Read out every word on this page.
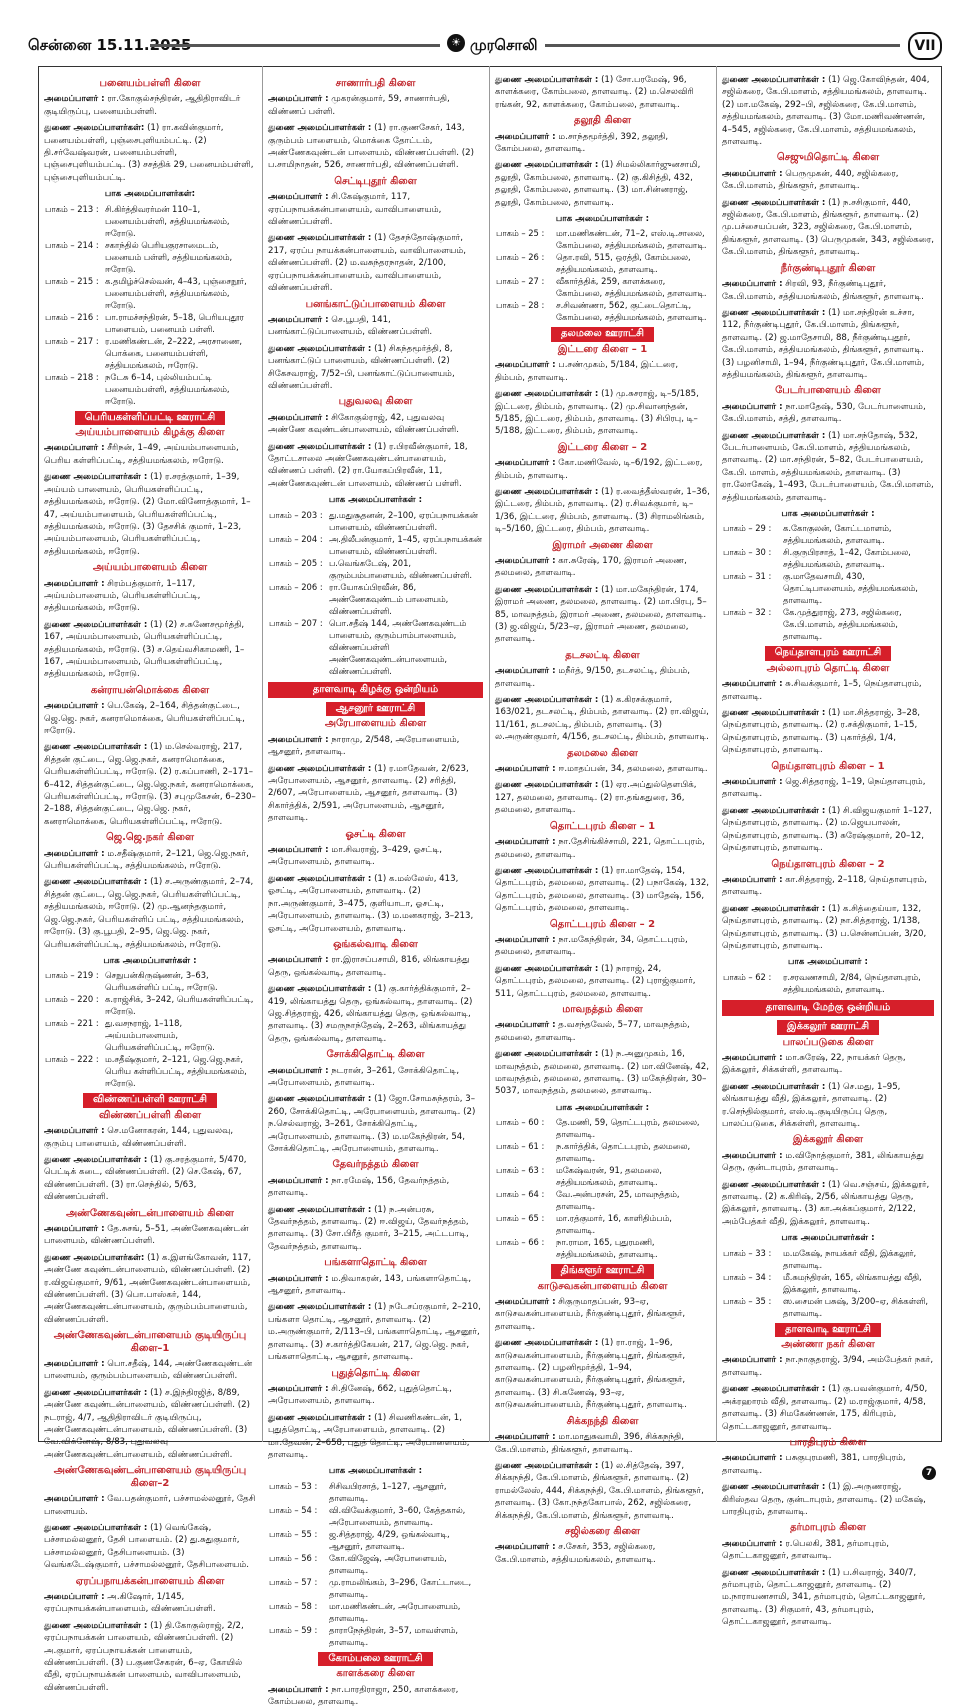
சென்னை 15.11.2025	☀ முரசொலி	VII
பனையம்பள்ளி கிளை

அமைப்பாளர் : ரா.கோகுல்சந்திரன், ஆதிதிராவிடர் குடியிருப்பு, பனையம்பள்ளி.

துணை அமைப்பாளர்கள்: (1) ரா.கவின்குமார், பனையம்பள்ளி, புஞ்சைபுளியம்பட்டி. (2) தி.சர்வேஷ்வரன், பனையம்பள்ளி, புஞ்சைபுளியம்பட்டி. (3) சசத்திக் 29, பனையம்பள்ளி, புஞ்சைபுளியம்பட்டி.

பாக அமைப்பாளர்கள்:
பாகம் – 213 :	சி.கிர்த்திவரர்மன் 110–1, பனையம்பள்ளி, சத்தியமங்கலம், ஈரோடு.
பாகம் – 214 :	சகாந்தில் பெரியகுரசாமைடம், பனையம் பள்ளி, சத்தியமங்கலம், ஈரோடு.
பாகம் – 215 :	க.தமிழ்ச்செல்வன், 4–43, புஞ்சைநூர், பனையம்பள்ளி, சத்தியமங்கலம், ஈரோடு.
பாகம் – 216 :	பா.ராமச்சந்திரன், 5–18, பெரியபுதூர பாளையம், பனையம் பள்ளி.
பாகம் – 217 :	ர.மணிகண்டன், 2–222, அரசாணை, பொக்கை, பனையம்பள்ளி, சத்தியமங்கலம், ஈரோடு.
பாகம் – 218 :	நடேசு 6–14, புல்லியம்பட்டி பனையம்பள்ளி, சத்தியமங்கலம், ஈரோடு.
பெரியகள்ளிப்பட்டி ஊராட்சி
அய்யம்பாளையம் கிழக்கு கிளை

அமைப்பாளர் : சீரிநன், 1–49, அய்யம்பாளையம், பெரிய கள்ளிப்பட்டி, சத்தியமங்கலம், ஈரோடு.

துணை அமைப்பாளர்கள் : (1) ர.சரத்குமார், 1–39, அய்யம் பாளையம், பெரியகள்ளிப்பட்டி, சத்தியமங்கலம், ஈரோடு. (2) மோ.வினோத்குமார், 1–47, அய்யம்பாளையம், பெரியகள்ளிப்பட்டி, சத்தியமங்கலம், ஈரோடு. (3) தேசசிக் குமார், 1–23, அய்யம்பாளையம், பெரியகள்ளிப்பட்டி, சத்தியமங்கலம், ஈரோடு.

அய்யம்பாளையம் கிளை

அமைப்பாளர் : சிரம்பத்குமார், 1–117, அய்யம்பாளையம், பெரியகள்ளிப்பட்டி, சத்தியமங்கலம், ஈரோடு.

துணை அமைப்பாளர்கள் : (1) (2) ச.சுணேசமூர்த்தி, 167, அய்யம்பாளையம், பெரியகள்ளிப்பட்டி, சத்தியமங்கலம், ஈரோடு. (3) ச.தெய்வசிகாமணி, 1–167, அய்யம்பாளையம், பெரியகள்ளிப்பட்டி, சத்தியமங்கலம், ஈரோடு.

கன்ராயன்மொக்கை கிளை

அமைப்பாளர் : பெ.கேஷ், 2–164, சித்தன்குட்டை, ஜெ.ஜெ. நகர், கனராமொக்கை, பெரியகள்ளிப்பட்டி, ஈரோடு.

துணை அமைப்பாளர்கள் : (1) ம.செல்வராஜ், 217, சித்தன் குட்டை, ஜெ.ஜெ.நகர், கனராமொக்கை, பெரியகள்ளிப்பட்டி, ஈரோடு. (2) ர.கப்பாணி, 2–171–6–412, சித்தன்குட்டை, ஜெ.ஜெ.நகர், கனராமொக்கை, பெரியகள்ளிப்பட்டி, ஈரோடு. (3) சபுமுகேசன், 6–230–2–188, சித்தன்குட்டை, ஜெ.ஜெ. நகர், கனராமொக்கை, பெரியகள்ளிப்பட்டி, ஈரோடு.

ஜெ.ஜெ.நகர் கிளை

அமைப்பாளர் : ம.சதீஷ்குமார், 2–121, ஜெ.ஜெ.நகர், பெரியகள்ளிப்பட்டி, சத்தியமங்கலம், ஈரோடு.

துணை அமைப்பாளர்கள் : (1) ச.அருண்குமார், 2–74, சித்தன் குட்டை, ஜெ.ஜெ.நகர், பெரியகள்ளிப்பட்டி, சத்தியமங்கலம், ஈரோடு. (2) மு.ஆனந்தகுமார், ஜெ.ஜெ.நகர், பெரியகள்ளிப் பட்டி, சத்தியமங்கலம், ஈரோடு. (3) கு.பூபதி, 2–95, ஜெ.ஜெ. நகர், பெரியகள்ளிப்பட்டி, சத்தியமங்கலம், ஈரோடு.

பாக அமைப்பாளர்கள் :
பாகம் – 219 :	செநுபன்கிருஷ்ணன், 3–63, பெரியகள்ளிப் பட்டி, ஈரோடு.
பாகம் – 220 :	க.ராஜ்சிக், 3–242, பெரியகள்ளிப்பட்டி, ஈரோடு.
பாகம் – 221 :	து.வசநராஜ், 1–118, அய்யம்பாளையம், பெரியகள்ளிப்பட்டி, ஈரோடு.
பாகம் – 222 :	ம.சதீஷ்குமார், 2–121, ஜெ.ஜெ.நகர், பெரிய கள்ளிப்பட்டி, சத்தியமங்கலம், ஈரோடு.
விண்ணப்பள்ளி ஊராட்சி
விண்ணப்பள்ளி கிளை

அமைப்பாளர் : செ.மனோகரன், 144, புதுவலவு, குரும்பு பாளையம், விண்ணப்பள்ளி.

துணை அமைப்பாளர்கள் : (1) கு.சரத்குமார், 5/470, பெட்டிக் கடை, விண்ணப்பள்ளி. (2) செ.கேஷ், 67, விண்ணப்பள்ளி. (3) ரா.செந்தில், 5/63, விண்ணப்பள்ளி.

அண்ணேகவுண்டன்பாளையம் கிளை

அமைப்பாளர் : தே.சுசங், 5–51, அண்ணேகவுண்டன் பாளையம், விண்ணப்பள்ளி.

துணை அமைப்பாளர்கள்: (1) க.இளங்கோவன், 117, அண்ணே கவுண்டன்பாளையம், விண்ணப்பள்ளி. (2) ர.விஜய்குமார், 9/61, அண்ணேகவுண்டன்பாளையம், விண்ணப்பள்ளி. (3) பொ.பாஸ்கர், 144, அண்ணேகவுண்டன்பாளையம், குரும்பம்பாளையம், விண்ணப்பள்ளி.

அண்ணேகவுண்டன்பாளையம் குடியிருப்பு கிளை–1

அமைப்பாளர் : பொ.சதீஷ், 144, அண்ணேகவுண்டன் பாளையம், குரும்பம்பாளையம், விண்ணப்பள்ளி.

துணை அமைப்பாளர்கள் : (1) ச.இந்திரஜித், 8/89, அண்ணே கவுண்டன்பாளையம், விண்ணப்பள்ளி. (2) நடராஜ், 4/7, ஆதிதிராவிடர் குடியிருப்பு, அண்ணேகவுண்டன்பாளையம், விண்ணப்பள்ளி. (3) வே.விக்னேஷ், 8/83, புதுவலவு அண்ணேகவுண்டன்பாளையம், விண்ணப்பள்ளி.

அண்ணேகவுண்டன்பாளையம் குடியிருப்பு கிளை–2

அமைப்பாளர் : வே.பதன்குமார், பச்சாமல்லனூர், தேசி பாளையம்.

துணை அமைப்பாளர்கள் : (1) வெங்கேஷ், பச்சாமல்லனூர், தேசி பாளையம். (2) து.சுதுகுமார், பச்சாமல்லனூர், தேசிபாளையம். (3) வெங்கடேஷ்குமார், பச்சாமல்லனூர், தேசிபாளையம்.

ஏரப்பநாயக்கன்பாளையம் கிளை

அமைப்பாளர் : அ.கிஷோர், 1/145, ஏரப்பநாயக்கன்பாளையம், விண்ணப்பள்ளி.

துணை அமைப்பாளர்கள் : (1) தி.கோகுல்ராஜ், 2/2, ஏரப்பநாயக்கன் பாளையம், விண்ணப்பள்ளி. (2) அ.குமார், ஏரப்பநாயக்கன் பாளையம், விண்ணப்பள்ளி. (3) ப.குணசேகரன், 6–ஏ, கோயில் வீதி, ஏரப்பநாயக்கன் பாளையம், வாவிபாளையம், விண்ணப்பள்ளி.

சாணார்பதி கிளை

அமைப்பாளர் : முகரன்குமார், 59, சாணார்பதி, விண்ணப் பள்ளி.

துணை அமைப்பாளர்கள் : (1) ரா.குணசேகர், 143, குரும்பம் பாளையம், மொக்கை தோட்டம், அண்ணேகவுண்டன் பாளையம், விண்ணப்பள்ளி. (2) ப.சாமிநாதன், 526, சாணார்பதி, விண்ணப்பள்ளி.

செட்டிபுதூர் கிளை

அமைப்பாளர் : சி.கேஷ்குமார், 117, ஏரப்பநாயக்கன்பாளையம், வாவிபாளையம், விண்ணப்பள்ளி.

துணை அமைப்பாளர்கள் : (1) தேசந்தோஷ்குமார், 217, ஏரப்ப நாயக்கன்பாளையம், வாவிபாளையம், விண்ணப்பள்ளி. (2) ம.வசுந்தரநாதன், 2/100, ஏரப்பநாயக்கன்பாளையம், வாவிபாளையம், விண்ணப்பள்ளி.

பனங்காட்டுப்பாளையம் கிளை

அமைப்பாளர் : செ.பூபதி, 141, பனங்காட்டுப்பாளையம், விண்ணப்பள்ளி.

துணை அமைப்பாளர்கள் : (1) சிகந்தமூர்த்தி, 8, பனங்காட்டுப் பாளையம், விண்ணப்பள்ளி. (2) சிகேசவராஜ், 7/52–பி, பனங்காட்டுப்பாளையம், விண்ணப்பள்ளி.

புதுவலவு கிளை

அமைப்பாளர் : சிகோகுல்ராஜ், 42, புதுவலவு அண்ணே கவுண்டன்பாளையம், விண்ணப்பள்ளி.

துணை அமைப்பாளர்கள் : (1) ர.பிரவீன்குமார், 18, தோட்டசாலை அண்ணேகவுண்டன்பாளையம், விண்ணப் பள்ளி. (2) ரா.யோகப்பிரவீன், 11, அண்ணேகவுண்டன் பாளையம், விண்ணப் பள்ளி.

பாக அமைப்பாளர்கள் :
பாகம் – 203 :	து.மதுசூதனன், 2–100, ஏரப்பநாயக்கன் பாளையம், விண்ணப்பள்ளி.
பாகம் – 204 :	அ.திலீபன்குமார், 1–45, ஏரப்பநாயக்கன் பாளையம், விண்ணப்பள்ளி.
பாகம் – 205 :	ப.வெங்கடேஷ், 201, குரும்பம்பாளையம், விண்ணப்பள்ளி.
பாகம் – 206 :	ரா.யோகப்பிரவீன், 86, அண்ணேகவுண்டம் பாளையம், விண்ணப்பள்ளி.
பாகம் – 207 :	பொ.சதீஷ் 144, அண்ணேகவுண்டம் பாளையம், குரும்பாம்பாளையம், விண்ணப்பள்ளி அண்ணேகவுண்டன்பாளையம், விண்ணப்பள்ளி.
தாளவாடி கிழக்கு ஒன்றியம்
ஆசனூர் ஊராட்சி
அரேபாளையம் கிளை

அமைப்பாளர் : நாராமு, 2/548, அரேபாளையம், ஆசனூர், தாளவாடி.

துணை அமைப்பாளர்கள் : (1) ர.மாதேவன், 2/623, அரேபாளையம், ஆசனூர், தாளவாடி. (2) சரித்தி, 2/607, அரேபாளையம், ஆசனூர், தாளவாடி. (3) சிகார்த்திக், 2/591, அரேபாளையம், ஆசனூர், தாளவாடி.

ஓசட்டி கிளை

அமைப்பாளர் : மா.சிவராஜ், 3–429, ஓசட்டி, அரேபாளையம், தாளவாடி.

துணை அமைப்பாளர்கள் : (1) க.மல்லேஸ், 413, ஓசட்டி, அரேபாளையம், தாளவாடி. (2) நா.அருண்குமார், 3–475, குளியாடா, ஓசட்டி, அரேபாளையம், தாளவாடி. (3) ம.மனகராஜ், 3–213, ஓசட்டி, அரேபாளையம், தாளவாடி.

ஒங்கல்வாடி கிளை

அமைப்பாளர் : ரா.இராசப்பசாமி, 816, லிங்காயத்து தெரு, ஒங்கல்வாடி, தாளவாடி.

துணை அமைப்பாளர்கள் : (1) கு.கார்த்திக்குமார், 2–419, லிங்காயத்து தெரு, ஒங்கல்வாடி, தாளவாடி. (2) ஜெ.சித்தராஜ், 426, லிங்காயத்து தெரு, ஒங்கல்வாடி, தாளவாடி. (3) சமருநாந்தேஷ், 2–263, லிங்காயத்து தெரு, ஒங்கல்வாடி, தாளவாடி.

சோக்கிதொட்டி கிளை

அமைப்பாளர் : நடரான், 3–261, சோக்கிதொட்டி, அரேபாளையம், தாளவாடி.

துணை அமைப்பாளர்கள் : (1) ஜோ.சோமசுந்தரம், 3–260, சோக்கிதொட்டி, அரேபாளையம், தாளவாடி. (2) ந.செல்வராஜ், 3–261, சோக்கிதொட்டி, அரேபாளையம், தாளவாடி. (3) ம.மகேந்திரன், 54, சோக்கிதொட்டி, அரேபாளையம், தாளவாடி.

தேவர்நத்தம் கிளை

அமைப்பாளர் : நா.ரமேஷ், 156, தேவர்நத்தம், தாளவாடி.

துணை அமைப்பாளர்கள் : (1) ந.அன்பரசு, தேவர்நத்தம், தாளவாடி. (2) ஈ.விஜய், தேவர்நத்தம், தாளவாடி. (3) சோ.பிரீத் குமார், 3–215, அட்டபாடி, தேவர்நத்தம், தாளவாடி.

பங்களாதொட்டி கிளை

அமைப்பாளர் : ம.திவாகரன், 143, பங்களாதொட்டி, ஆசனூர், தாளவாடி.

துணை அமைப்பாளர்கள் : (1) நடேசப்ரகுமார், 2–210, பங்களா தொட்டி, ஆசனூர், தாளவாடி. (2) ம.அருண்குமார், 2/113–பி, பங்களாதொட்டி, ஆசனூர், தாளவாடி. (3) ச.கார்த்திகேயன், 217, ஜெ.ஜெ. நகர், பங்களாதொட்டி, ஆசனூர், தாளவாடி.

புதுத்தொட்டி கிளை

அமைப்பாளர் : சி.தினேஷ், 662, புதுத்தொட்டி, அரேபாளையம், தாளவாடி.

துணை அமைப்பாளர்கள் : (1) சிவணிகண்டன், 1, புதுத்தொட்டி, அரேபாளையம், தாளவாடி. (2) மா.தேவன், 2–658, புதுத் தொட்டி, அரேபாளையம், தாளவாடி.

பாக அமைப்பாளர்கள் :
பாகம் – 53 :	சிசிவபிரசாத், 1–127, ஆசனூர், தாளவாடி.
பாகம் – 54 :	வி.விவேக்குமார், 3–60, கேத்தகால், அரேபாளையம், தாளவாடி.
பாகம் – 55 :	ஜ.சித்தராஜ், 4/29, ஒங்கல்வாடி, ஆசனூர், தாளவாடி.
பாகம் – 56 :	கோ.விஜேஷ், அரேபாளையம், தாளவாடி.
பாகம் – 57 :	மு.ராமலிங்கம், 3–296, கோட்டாடை, தாளவாடி.
பாகம் – 58 :	மா.மணிகண்டன், அரேபாளையம், தாளவாடி.
பாகம் – 59 :	தாராநேந்திரன், 3–57, மாவள்ளம், தாளவாடி.
கோம்பலை ஊராட்சி
காளக்கரை கிளை

அமைப்பாளர் : நா.பாரதிராஜா, 250, காளக்கரை, கோம்பலை, தாளவாடி.

துணை அமைப்பாளர்கள் : (1) சோ.பரமேஷ், 96, காளக்கரை, கோம்பலை, தாளவாடி. (2) ம.செலவிரி ரங்கன், 92, காளக்கரை, கோம்பலை, தாளவாடி.

தலூதி கிளை

அமைப்பாளர் : ம.சாந்தமூர்த்தி, 392, தலூதி, கோம்பலை, தாளவாடி.

துணை அமைப்பாளர்கள் : (1) சிமல்லிகார்ஜுனசாமி, தலூதி, கோம்பலை, தாளவாடி. (2) கு.கிசித்தி, 432, தலூதி, கோம்பலை, தாளவாடி. (3) மா.சின்னராஜ், தலூதி, கோம்பலை, தாளவாடி.

பாக அமைப்பாளர்கள் :
பாகம் – 25 :	மா.மணிகண்டன், 71–2, எஸ்.டி.சாலை, கோம்பலை, சத்தியமங்கலம், தாளவாடி.
பாகம் – 26 :	தொ.ரவி, 515, ஒரத்தி, கோம்பலை, சத்தியமங்கலம், தாளவாடி.
பாகம் – 27 :	வீகார்த்திக், 259, காளக்கரை, கோம்பலை, சத்தியமங்கலம், தாளவாடி.
பாகம் – 28 :	ச.சிவண்ணா, 562, குட்டைதொட்டி, கோம்பலை, சத்தியமங்கலம், தாளவாடி.
தலமலை ஊராட்சி
இட்டரை கிளை – 1

அமைப்பாளர் : ப.சண்முகம், 5/184, இட்டரை, திம்பம், தாளவாடி.

துணை அமைப்பாளர்கள் : (1) மு.சுசராஜ், டி–5/185, இட்டரை, திம்பம், தாளவாடி. (2) மு.சிவானந்தன், 5/185, இட்டரை, திம்பம், தாளவாடி. (3) சிபிரபு, டி–5/188, இட்டரை, திம்பம், தாளவாடி.

இட்டரை கிளை – 2

அமைப்பாளர் : கோ.மணிவேல், டி–6/192, இட்டரை, திம்பம், தாளவாடி.

துணை அமைப்பாளர்கள் : (1) ர.வைத்தீஸ்வரன், 1–36, இட்டரை, திம்பம், தாளவாடி. (2) ர.சிவக்குமார், டி–1/36, இட்டரை, திம்பம், தாளவாடி. (3) சிராமலிங்கம், டி–5/160, இட்டரை, திம்பம், தாளவாடி.

இராமர் அணை கிளை

அமைப்பாளர் : கா.சுரேஷ், 170, இராமர் அணை, தலமலை, தாளவாடி.

துணை அமைப்பாளர்கள் : (1) மா.மகேந்திரன், 174, இராமர் அணை, தலமலை, தாளவாடி. (2) மா.பிரபு, 5–85, மாவநத்தம், இராமர் அணை, தலமலை, தாளவாடி. (3) ஜ.விஜய், 5/23–ஏ, இராமர் அணை, தலமலை, தாளவாடி.

தடசலட்டி கிளை

அமைப்பாளர் : மநீர்த், 9/150, தடசலட்டி, திம்பம், தாளவாடி.

துணை அமைப்பாளர்கள் : (1) க.கிரசக்குமார், 163/021, தடசலட்டி, திம்பம், தாளவாடி. (2) ரா.விஜய், 11/161, தடசலட்டி, திம்பம், தாளவாடி. (3) ல.அருண்குமார், 4/156, தடசலட்டி, திம்பம், தாளவாடி.

தலமலை கிளை

அமைப்பாளர் : ஈ.மாதப்பன், 34, தலமலை, தாளவாடி.

துணை அமைப்பாளர்கள் : (1) ஏர.அப்துல்தௌபிக், 127, தலமலை, தாளவாடி. (2) ரா.தங்கதுரை, 36, தலமலை, தாளவாடி.

தொட்டபுரம் கிளை – 1

அமைப்பாளர் : நா.தேசிங்கிச்சாமி, 221, தொட்டபுரம், தலமலை, தாளவாடி.

துணை அமைப்பாளர்கள் : (1) ரா.மாதேஷ், 154, தொட்டபுரம், தலமலை, தாளவாடி. (2) பநாகேஷ், 132, தொட்டபுரம், தலமலை, தாளவாடி. (3) மாதேஷ், 156, தொட்டபுரம், தலமலை, தாளவாடி.

தொட்டபுரம் கிளை – 2

அமைப்பாளர் : நா.மகேந்திரன், 34, தொட்டபுரம், தலமலை, தாளவாடி.

துணை அமைப்பாளர்கள் : (1) நாராஜ், 24, தொட்டபுரம், தலமலை, தாளவாடி. (2) புராஜ்குமார், 511, தொட்டபுரம், தலமலை, தாளவாடி.

மாவநத்தம் கிளை

அமைப்பாளர் : த.வசந்தவேல், 5–77, மாவநத்தம், தலமலை, தாளவாடி.

துணை அமைப்பாளர்கள் : (1) ந.அனுமுகம், 16, மாவநத்தம், தலமலை, தாளவாடி. (2) மா.வினேஷ், 42, மாவநத்தம், தலமலை, தாளவாடி. (3) மகேந்திரன், 30–5037, மாவநத்தம், தலமலை, தாளவாடி.

பாக அமைப்பாளர்கள் :
பாகம் – 60 :	தே.மணி, 59, தொட்டபுரம், தலமலை, தாளவாடி.
பாகம் – 61 :	ந.கார்த்திக், தொட்டபுரம், தலமலை, தாளவாடி.
பாகம் – 63 :	மகேஷ்வரன், 91, தலமலை, சத்தியமங்கலம், தாளவாடி.
பாகம் – 64 :	வே.அன்பரசன், 25, மாவநத்தம், தாளவாடி.
பாகம் – 65 :	மா.ரத்குமார், 16, காளிதிம்பம், தாளவாடி.
பாகம் – 66 :	நா.ராமா, 165, புதுரமணி, சத்தியமங்கலம், தாளவாடி.
திங்களூர் ஊராட்சி
காடுசவகன்பாளையம் கிளை

அமைப்பாளர் : சிகுருமாதப்பன், 93–ஏ, காடுசவகன்பாளையம், நீர்குண்டிபுதூர், திங்களூர், தாளவாடி.

துணை அமைப்பாளர்கள் : (1) ரா.ராஜ், 1–96, காடுசவகன்பாளையம், நீர்குண்டிபுதூர், திங்களூர், தாளவாடி. (2) பழனிமூர்த்தி, 1–94, காடுசவகன்பாளையம், நீர்குண்டிபுதூர், திங்களூர், தாளவாடி. (3) சி.கணேஷ், 93–ஏ, காடுசவகன்பாளையம், நீர்குண்டிபுதூர், தாளவாடி.

சிக்கநந்தி கிளை

அமைப்பாளர் : மா.மாதுசுவாமி, 396, சிக்கநந்தி, கே.பி.மாளம், திங்களூர், தாளவாடி.

துணை அமைப்பாளர்கள் : (1) ல.சித்தேஷ், 397, சிக்கநந்தி, கே.பி.மாளம், திங்களூர், தாளவாடி. (2) ராமல்லேஸ், 444, சிக்கநந்தி, கே.பி.மாளம், திங்களூர், தாளவாடி. (3) கோ.நந்தகோபால், 262, சஜில்கரை, சிக்கநந்தி, கே.பி.மாளம், திங்களூர், தாளவாடி.

சஜில்கரை கிளை

அமைப்பாளர் : ச.சேகர், 353, சஜில்கரை, கே.பி.மாளம், சத்தியமங்கலம், தாளவாடி.

துணை அமைப்பாளர்கள் : (1) ஜெ.கோவிந்தன், 404, சஜில்கரை, கே.பி.மாளம், சத்தியமங்கலம், தாளவாடி. (2) மா.மகேஷ், 292–பி, சஜில்கரை, கே.பி.மாளம், சத்தியமங்கலம், தாளவாடி. (3) மோ.மணிவண்ணன், 4–545, சஜில்கரை, கே.பி.மாளம், சத்தியமங்கலம், தாளவாடி.

செஜுமிதொட்டி கிளை

அமைப்பாளர் : பெருமுகன், 440, சஜில்கரை, கே.பி.மாளம், திங்களூர், தாளவாடி.

துணை அமைப்பாளர்கள் : (1) ந.சசிகுமார், 440, சஜில்கரை, கே.பி.மாளம், திங்களூர், தாளவாடி. (2) மு.பச்சையப்பன், 323, சஜில்கரை, கே.பி.மாளம், திங்களூர், தாளவாடி. (3) பெருமுகன், 343, சஜில்கரை, கே.பி.மாளம், திங்களூர், தாளவாடி.

நீர்குண்டிபுதூர் கிளை

அமைப்பாளர் : சிரவி, 93, நீர்குண்டிபுதூர், கே.பி.மாளம், சத்தியமங்கலம், திங்களூர், தாளவாடி.

துணை அமைப்பாளர்கள் : (1) மா.சந்திரன் உச்சா, 112, நீர்குண்டிபுதூர், கே.பி.மாளம், திங்களூர், தாளவாடி. (2) ஜ.மாதேசாமி, 88, நீர்குண்டிபுதூர், கே.பி.மாளம், சத்தியமங்கலம், திங்களூர், தாளவாடி. (3) பழனிசாமி, 1–94, நீர்குண்டிபுதூர், கே.பி.மாளம், சத்தியமங்கலம், திங்களூர், தாளவாடி.

பேடர்பாளையம் கிளை

அமைப்பாளர் : நா.மாதேஷ், 530, பேடர்பாளையம், கே.பி.மாளம், சத்தி, தாளவாடி.

துணை அமைப்பாளர்கள் : (1) மா.சந்தோஷ், 532, பேடர்பாளையம், கே.பி.மாளம், சத்தியமங்கலம், தாளவாடி. (2) மா.சந்திரன், 5–82, பேடர்பாளையம், கே.பி. மாளம், சத்தியமங்கலம், தாளவாடி. (3) ரா.லோகேஷ், 1–493, பேடர்பாளையம், கே.பி.மாளம், சத்தியமங்கலம், தாளவாடி.

பாக அமைப்பாளர்கள் :
பாகம் – 29 :	க.கோகுலன், கோட்டமாளம், சத்தியமங்கலம், தாளவாடி.
பாகம் – 30 :	சி.குருபிரசாத், 1–42, கோம்பலை, சத்தியமங்கலம், தாளவாடி.
பாகம் – 31 :	கு.மாதேவசாமி, 430, தொட்டிபாளையம், சத்தியமங்கலம், தாளவாடி.
பாகம் – 32 :	கே.முத்துராஜ், 273, சஜில்கரை, கே.பி.மாளம், சத்தியமங்கலம், தாளவாடி.
நெய்தாளபுரம் ஊராட்சி
அல்லாபுரம் தொட்டி கிளை

அமைப்பாளர் : சு.சிவக்குமார், 1–5, நெய்தாளபுரம், தாளவாடி.

துணை அமைப்பாளர்கள் : (1) மா.சித்தராஜ், 3–28, நெய்தாளபுரம், தாளவாடி. (2) ர.சக்திகுமார், 1–15, நெய்தாளபுரம், தாளவாடி. (3) புகார்த்தி, 1/4, நெய்தாளபுரம், தாளவாடி.

நெய்தாளபுரம் கிளை – 1

அமைப்பாளர் : ஜெ.சித்தராஜ், 1–19, நெய்தாளபுரம், தாளவாடி.

துணை அமைப்பாளர்கள் : (1) சி.விஜயகுமார் 1–127, நெய்தாளபுரம், தாளவாடி. (2) ம.ஜெயபாலன், நெய்தாளபுரம், தாளவாடி. (3) சுரேஷ்குமார், 20–12, நெய்தாளபுரம், தாளவாடி.

நெய்தாளபுரம் கிளை – 2

அமைப்பாளர் : கா.சித்தராஜ், 2–118, நெய்தாளபுரம், தாளவாடி.

துணை அமைப்பாளர்கள் : (1) க.சித்தைய்யா, 132, நெய்தாளபுரம், தாளவாடி. (2) நா.சித்தராஜ், 1/138, நெய்தாளபுரம், தாளவாடி. (3) ப.சென்னப்பன், 3/20, நெய்தாளபுரம், தாளவாடி.

பாக அமைப்பாளர் :
பாகம் – 62 :	ர.சரவணசாமி, 2/84, நெய்தாளபுரம், சத்தியமங்கலம், தாளவாடி.
தாளவாடி மேற்கு ஒன்றியம்
இக்கலூர் ஊராட்சி
பாலப்படுகை கிளை

அமைப்பாளர் : மா.சுரேஷ், 22, நாயக்கர் தெரு, இக்கலூர், சிக்கள்ளி, தாளவாடி.

துணை அமைப்பாளர்கள் : (1) செ.மது, 1–95, லிங்காயத்து வீதி, இக்கலூர், தாளவாடி. (2) ர.செந்தில்குமார், எஸ்.டி.குடியிருப்பு தெரு, பாலப்படுகை, சிக்கள்ளி, தாளவாடி.

இக்கலூர் கிளை

அமைப்பாளர் : ம.விநோத்குமார், 381, லிங்காயத்து தெரு, குன்டாபுரம், தாளவாடி.

துணை அமைப்பாளர்கள் : (1) வெ.சஞ்சய், இக்கலூர், தாளவாடி. (2) க.கிரிஷ், 2/56, லிங்காயத்து தெரு, இக்கலூர், தாளவாடி. (3) கா.அக்கப்குமார், 2/122, அம்பேத்கர் வீதி, இக்கலூர், தாளவாடி.

பாக அமைப்பாளர்கள் :
பாகம் – 33 :	ம.மகேஷ், நாயக்கர் வீதி, இக்கலூர், தாளவாடி.
பாகம் – 34 :	மீ.சுமந்திரன், 165, லிங்காயத்து வீதி, இக்கலூர், தாளவாடி.
பாகம் – 35 :	ஸ.சைமன் பசுஷ், 3/200–ஏ, சிக்கள்ளி, தாளவாடி.
தாளவாடி ஊராட்சி
அண்ணா நகர் கிளை

அமைப்பாளர் : நா.நாகுதராஜ், 3/94, அம்பேத்கர் நகர், தாளவாடி.

துணை அமைப்பாளர்கள் : (1) கு.பவன்குமார், 4/50, அக்ரஹாரம் வீதி, தாளவாடி. (2) ம.ராஜ்குமார், 4/58, தாளவாடி. (3) சிமகேண்ணன், 175, கிரிபுரம், தொட்டகாஜனூர், தாளவாடி.

பாரதிபுரம் கிளை

அமைப்பாளர் : பசுகுபுரமணி, 381, பாரதிபுரம், தாளவாடி.

துணை அமைப்பாளர்கள் : (1) இ.அருணராஜ், கிரிஸ்தவ தெரு, குன்டாபுரம், தாளவாடி. (2) மகேஷ், பாரதிபுரம், தாளவாடி.

தர்மாபுரம் கிளை

அமைப்பாளர் : ர.பெலகி, 381, தர்மாபுரம், தொட்டகாஜனூர், தாளவாடி.

துணை அமைப்பாளர்கள் : (1) ப.சிவராஜ், 340/7, தர்மாபுரம், தொட்டகாஜனூர், தாளவாடி. (2) ம.நாராயணசாமி, 341, தர்மாபுரம், தொட்டகாஜனூர், தாளவாடி. (3) சிகுமார், 43, தர்மாபுரம், தொட்டகாஜனூர், தாளவாடி.

7
